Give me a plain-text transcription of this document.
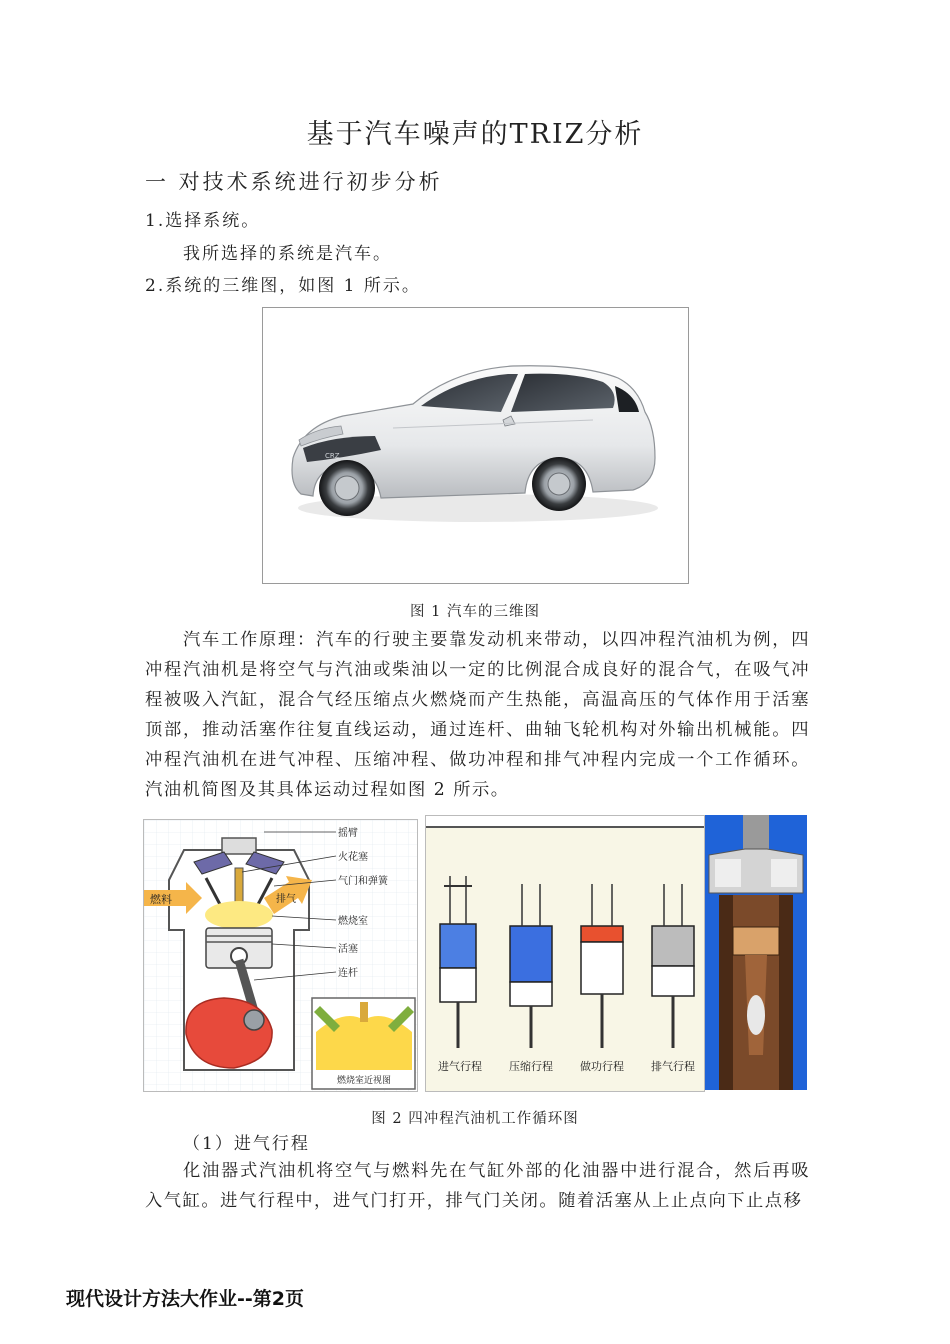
基于汽车噪声的TRIZ分析
一 对技术系统进行初步分析
1.选择系统。
我所选择的系统是汽车。
2.系统的三维图，如图 1 所示。
CRZ
图 1 汽车的三维图
汽车工作原理：汽车的行驶主要靠发动机来带动，以四冲程汽油机为例，四冲程汽油机是将空气与汽油或柴油以一定的比例混合成良好的混合气，在吸气冲程被吸入汽缸，混合气经压缩点火燃烧而产生热能，高温高压的气体作用于活塞顶部，推动活塞作往复直线运动，通过连杆、曲轴飞轮机构对外输出机械能。四冲程汽油机在进气冲程、压缩冲程、做功冲程和排气冲程内完成一个工作循环。汽油机简图及其具体运动过程如图 2 所示。
燃料	排气
摇臂
火花塞
气门和弹簧
燃烧室
活塞
连杆
燃烧室近视图
进气行程 压缩行程 做功行程 排气行程
图 2 四冲程汽油机工作循环图
（1）进气行程
化油器式汽油机将空气与燃料先在气缸外部的化油器中进行混合，然后再吸入气缸。进气行程中，进气门打开，排气门关闭。随着活塞从上止点向下止点移
现代设计方法大作业--第2页
